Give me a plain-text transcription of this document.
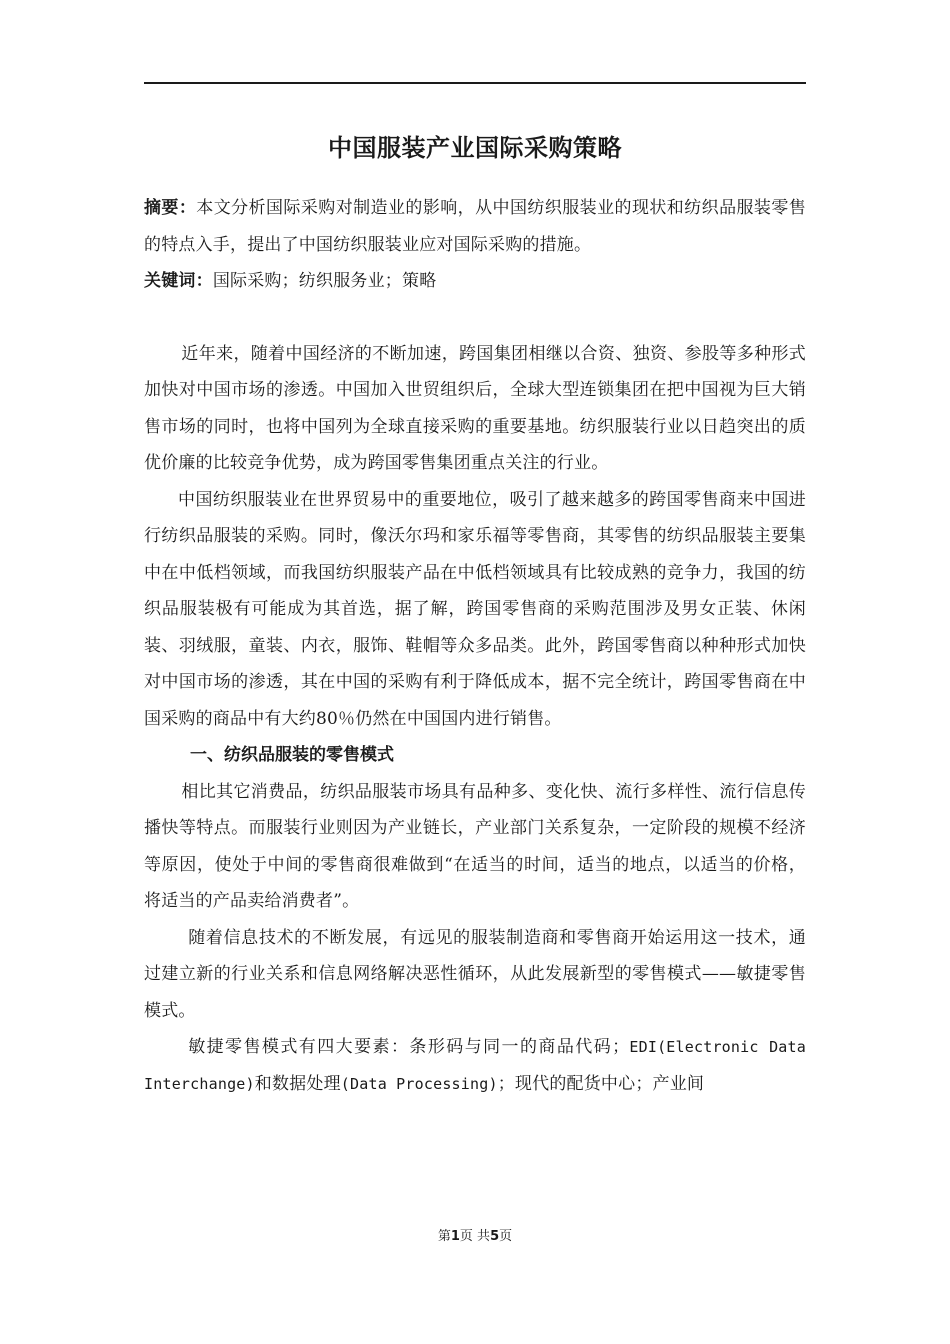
中国服装产业国际采购策略

摘要：本文分析国际采购对制造业的影响，从中国纺织服装业的现状和纺织品服装零售的特点入手，提出了中国纺织服装业应对国际采购的措施。

关键词：国际采购；纺织服务业；策略

近年来，随着中国经济的不断加速，跨国集团相继以合资、独资、参股等多种形式加快对中国市场的渗透。中国加入世贸组织后，全球大型连锁集团在把中国视为巨大销售市场的同时，也将中国列为全球直接采购的重要基地。纺织服装行业以日趋突出的质优价廉的比较竞争优势，成为跨国零售集团重点关注的行业。

中国纺织服装业在世界贸易中的重要地位，吸引了越来越多的跨国零售商来中国进行纺织品服装的采购。同时，像沃尔玛和家乐福等零售商，其零售的纺织品服装主要集中在中低档领域，而我国纺织服装产品在中低档领域具有比较成熟的竞争力，我国的纺织品服装极有可能成为其首选，据了解，跨国零售商的采购范围涉及男女正装、休闲装、羽绒服，童装、内衣，服饰、鞋帽等众多品类。此外，跨国零售商以种种形式加快对中国市场的渗透，其在中国的采购有利于降低成本，据不完全统计，跨国零售商在中国采购的商品中有大约80％仍然在中国国内进行销售。

一、纺织品服装的零售模式

相比其它消费品，纺织品服装市场具有品种多、变化快、流行多样性、流行信息传播快等特点。而服装行业则因为产业链长，产业部门关系复杂，一定阶段的规模不经济等原因，使处于中间的零售商很难做到“在适当的时间，适当的地点，以适当的价格，将适当的产品卖给消费者”。

随着信息技术的不断发展，有远见的服装制造商和零售商开始运用这一技术，通过建立新的行业关系和信息网络解决恶性循环，从此发展新型的零售模式——敏捷零售模式。

敏捷零售模式有四大要素：条形码与同一的商品代码；EDI(Electronic Data Interchange)和数据处理(Data Processing)；现代的配货中心；产业间

第1页 共5页
